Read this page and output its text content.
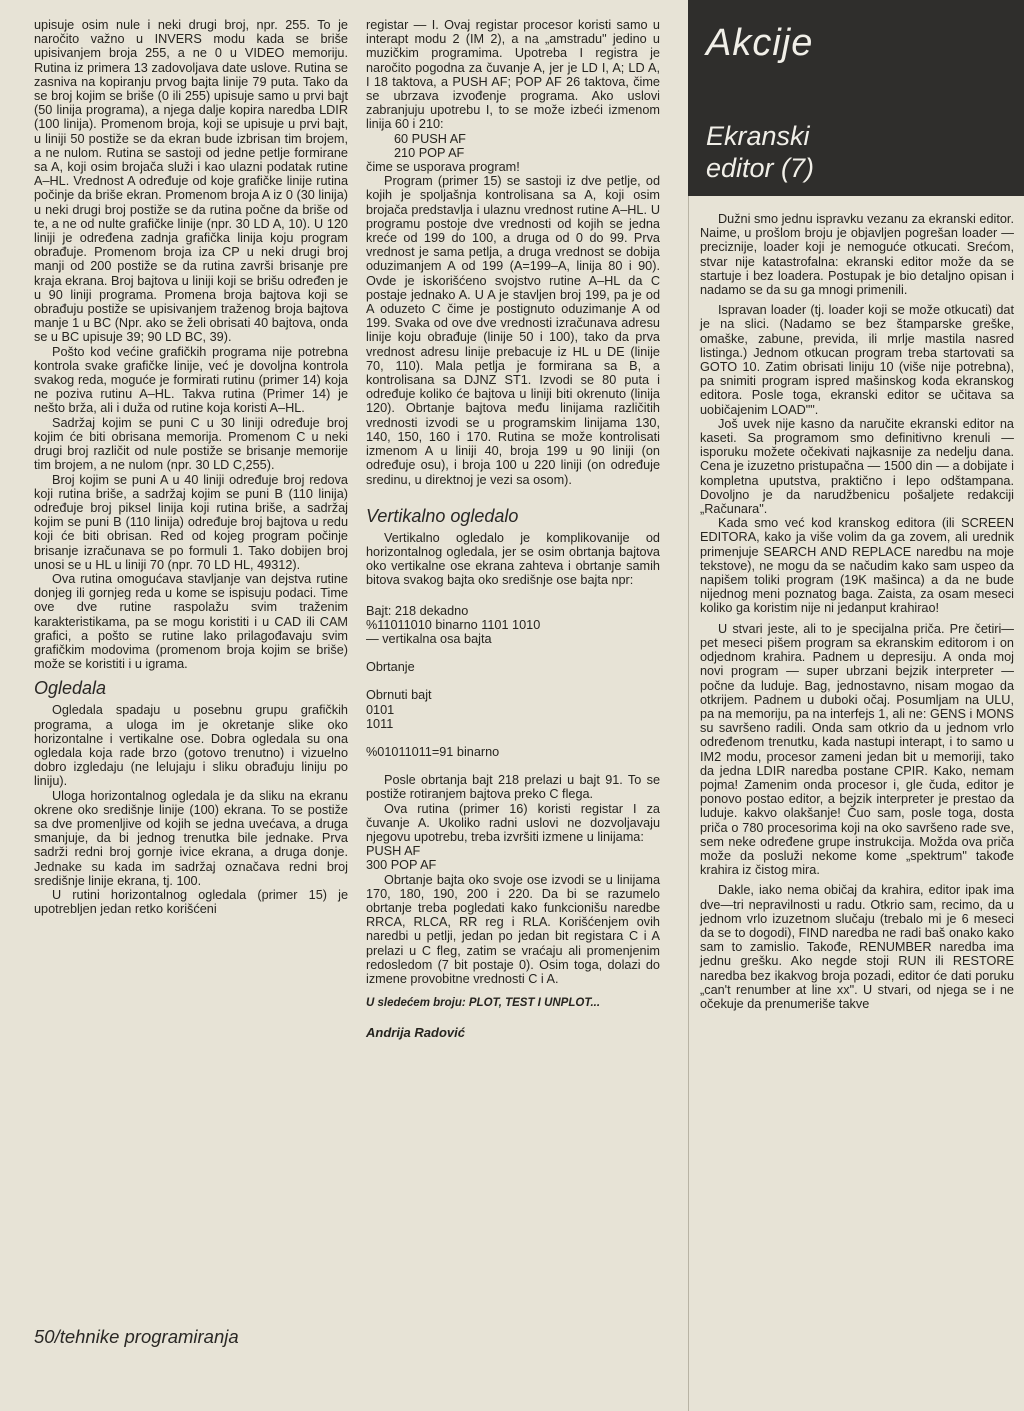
Akcije
Ekranski
editor (7)

upisuje osim nule i neki drugi broj, npr. 255. To je naročito važno u INVERS modu kada se briše upisivanjem broja 255, a ne 0 u VIDEO memoriju. Rutina iz primera 13 zadovoljava date uslove. Rutina se zasniva na kopiranju prvog bajta linije 79 puta. Tako da se broj kojim se briše (0 ili 255) upisuje samo u prvi bajt (50 linija programa), a njega dalje kopira naredba LDIR (100 linija). Promenom broja, koji se upisuje u prvi bajt, u liniji 50 postiže se da ekran bude izbrisan tim brojem, a ne nulom. Rutina se sastoji od jedne petlje formirane sa A, koji osim brojača služi i kao ulazni podatak rutine A–HL. Vrednost A određuje od koje grafičke linije rutina počinje da briše ekran. Promenom broja A iz 0 (30 linija) u neki drugi broj postiže se da rutina počne da briše od te, a ne od nulte grafičke linije (npr. 30 LD A, 10). U 120 liniji je određena zadnja grafička linija koju program obrađuje. Promenom broja iza CP u neki drugi broj manji od 200 postiže se da rutina završi brisanje pre kraja ekrana. Broj bajtova u liniji koji se brišu određen je u 90 liniji programa. Promena broja bajtova koji se obrađuju postiže se upisivanjem traženog broja bajtova manje 1 u BC (Npr. ako se želi obrisati 40 bajtova, onda se u BC upisuje 39; 90 LD BC, 39).

Pošto kod većine grafičkih programa nije potrebna kontrola svake grafičke linije, već je dovoljna kontrola svakog reda, moguće je formirati rutinu (primer 14) koja ne poziva rutinu A–HL. Takva rutina (Primer 14) je nešto brža, ali i duža od rutine koja koristi A–HL.

Sadržaj kojim se puni C u 30 liniji određuje broj kojim će biti obrisana memorija. Promenom C u neki drugi broj različit od nule postiže se brisanje memorije tim brojem, a ne nulom (npr. 30 LD C,255).

Broj kojim se puni A u 40 liniji određuje broj redova koji rutina briše, a sadržaj kojim se puni B (110 linija) određuje broj piksel linija koji rutina briše, a sadržaj kojim se puni B (110 linija) određuje broj bajtova u redu koji će biti obrisan. Red od kojeg program počinje brisanje izračunava se po formuli 1. Tako dobijen broj unosi se u HL u liniji 70 (npr. 70 LD HL, 49312).

Ova rutina omogućava stavljanje van dejstva rutine donjeg ili gornjeg reda u kome se ispisuju podaci. Time ove dve rutine raspolažu svim traženim karakteristikama, pa se mogu koristiti i u CAD ili CAM grafici, a pošto se rutine lako prilagođavaju svim grafičkim modovima (promenom broja kojim se briše) može se koristiti i u igrama.

Ogledala

Ogledala spadaju u posebnu grupu grafičkih programa, a uloga im je okretanje slike oko horizontalne i vertikalne ose. Dobra ogledala su ona ogledala koja rade brzo (gotovo trenutno) i vizuelno dobro izgledaju (ne lelujaju i sliku obrađuju liniju po liniju).

Uloga horizontalnog ogledala je da sliku na ekranu okrene oko središnje linije (100) ekrana. To se postiže sa dve promenljive od kojih se jedna uvećava, a druga smanjuje, da bi jednog trenutka bile jednake. Prva sadrži redni broj gornje ivice ekrana, a druga donje. Jednake su kada im sadržaj označava redni broj središnje linije ekrana, tj. 100.

U rutini horizontalnog ogledala (primer 15) je upotrebljen jedan retko korišćeni

registar — I. Ovaj registar procesor koristi samo u interapt modu 2 (IM 2), a na „amstradu" jedino u muzičkim programima. Upotreba I registra je naročito pogodna za čuvanje A, jer je LD I, A; LD A, I 18 taktova, a PUSH AF; POP AF 26 taktova, čime se ubrzava izvođenje programa. Ako uslovi zabranjuju upotrebu I, to se može izbeći izmenom linija 60 i 210:

60 PUSH AF

210 POP AF

čime se usporava program!

Program (primer 15) se sastoji iz dve petlje, od kojih je spoljašnja kontrolisana sa A, koji osim brojača predstavlja i ulaznu vrednost rutine A–HL. U programu postoje dve vrednosti od kojih se jedna kreće od 199 do 100, a druga od 0 do 99. Prva vrednost je sama petlja, a druga vrednost se dobija oduzimanjem A od 199 (A=199–A, linija 80 i 90). Ovde je iskorišćeno svojstvo rutine A–HL da C postaje jednako A. U A je stavljen broj 199, pa je od A oduzeto C čime je postignuto oduzimanje A od 199. Svaka od ove dve vrednosti izračunava adresu linije koju obrađuje (linije 50 i 100), tako da prva vrednost adresu linije prebacuje iz HL u DE (linije 70, 110). Mala petlja je formirana sa B, a kontrolisana sa DJNZ ST1. Izvodi se 80 puta i određuje koliko će bajtova u liniji biti okrenuto (linija 120). Obrtanje bajtova među linijama različitih vrednosti izvodi se u programskim linijama 130, 140, 150, 160 i 170. Rutina se može kontrolisati izmenom A u liniji 40, broja 199 u 90 liniji (on određuje osu), i broja 100 u 220 liniji (on određuje sredinu, u direktnoj je vezi sa osom).

Vertikalno ogledalo

Vertikalno ogledalo je komplikovanije od horizontalnog ogledala, jer se osim obrtanja bajtova oko vertikalne ose ekrana zahteva i obrtanje samih bitova svakog bajta oko središnje ose bajta npr:

Bajt: 218 dekadno

%11011010 binarno 1101 1010

— vertikalna osa bajta

Obrtanje

Obrnuti bajt

0101

1011

%01011011=91 binarno

Posle obrtanja bajt 218 prelazi u bajt 91. To se postiže rotiranjem bajtova preko C flega.

Ova rutina (primer 16) koristi registar I za čuvanje A. Ukoliko radni uslovi ne dozvoljavaju njegovu upotrebu, treba izvršiti izmene u linijama:

PUSH AF

300 POP AF

Obrtanje bajta oko svoje ose izvodi se u linijama 170, 180, 190, 200 i 220. Da bi se razumelo obrtanje treba pogledati kako funkcionišu naredbe RRCA, RLCA, RR reg i RLA. Korišćenjem ovih naredbi u petlji, jedan po jedan bit registara C i A prelazi u C fleg, zatim se vraćaju ali promenjenim redosledom (7 bit postaje 0). Osim toga, dolazi do izmene provobitne vrednosti C i A.

U sledećem broju: PLOT, TEST I UNPLOT...
Andrija Radović

Dužni smo jednu ispravku vezanu za ekranski editor. Naime, u prošlom broju je objavljen pogrešan loader — preciznije, loader koji je nemoguće otkucati. Srećom, stvar nije katastrofalna: ekranski editor može da se startuje i bez loadera. Postupak je bio detaljno opisan i nadamo se da su ga mnogi primenili.

Ispravan loader (tj. loader koji se može otkucati) dat je na slici. (Nadamo se bez štamparske greške, omaške, zabune, previda, ili mrlje mastila nasred listinga.) Jednom otkucan program treba startovati sa GOTO 10. Zatim obrisati liniju 10 (više nije potrebna), pa snimiti program ispred mašinskog koda ekranskog editora. Posle toga, ekranski editor se učitava sa uobičajenim LOAD"".

Još uvek nije kasno da naručite ekranski editor na kaseti. Sa programom smo definitivno krenuli — isporuku možete očekivati najkasnije za nedelju dana. Cena je izuzetno pristupačna — 1500 din — a dobijate i kompletna uputstva, praktično i lepo odštampana. Dovoljno je da narudžbenicu pošaljete redakciji „Računara".

Kada smo već kod kranskog editora (ili SCREEN EDITORA, kako ja više volim da ga zovem, ali urednik primenjuje SEARCH AND REPLACE naredbu na moje tekstove), ne mogu da se načudim kako sam uspeo da napišem toliki program (19K mašinca) a da ne bude nijednog meni poznatog baga. Zaista, za osam meseci koliko ga koristim nije ni jedanput krahirao!

U stvari jeste, ali to je specijalna priča. Pre četiri—pet meseci pišem program sa ekranskim editorom i on odjednom krahira. Padnem u depresiju. A onda moj novi program — super ubrzani bejzik interpreter — počne da luduje. Bag, jednostavno, nisam mogao da otkrijem. Padnem u duboki očaj. Posumljam na ULU, pa na memoriju, pa na interfejs 1, ali ne: GENS i MONS su savršeno radili. Onda sam otkrio da u jednom vrlo određenom trenutku, kada nastupi interapt, i to samo u IM2 modu, procesor zameni jedan bit u memoriji, tako da jedna LDIR naredba postane CPIR. Kako, nemam pojma! Zamenim onda procesor i, gle čuda, editor je ponovo postao editor, a bejzik interpreter je prestao da luduje. kakvo olakšanje! Čuo sam, posle toga, dosta priča o 780 procesorima koji na oko savršeno rade sve, sem neke određene grupe instrukcija. Možda ova priča može da posluži nekome kome „spektrum" takođe krahira iz čistog mira.

Dakle, iako nema običaj da krahira, editor ipak ima dve—tri nepravilnosti u radu. Otkrio sam, recimo, da u jednom vrlo izuzetnom slučaju (trebalo mi je 6 meseci da se to dogodi), FIND naredba ne radi baš onako kako sam to zamislio. Takođe, RENUMBER naredba ima jednu grešku. Ako negde stoji RUN ili RESTORE naredba bez ikakvog broja pozadi, editor će dati poruku „can't renumber at line xx". U stvari, od njega se i ne očekuje da prenumeriše takve

50/tehnike programiranja
